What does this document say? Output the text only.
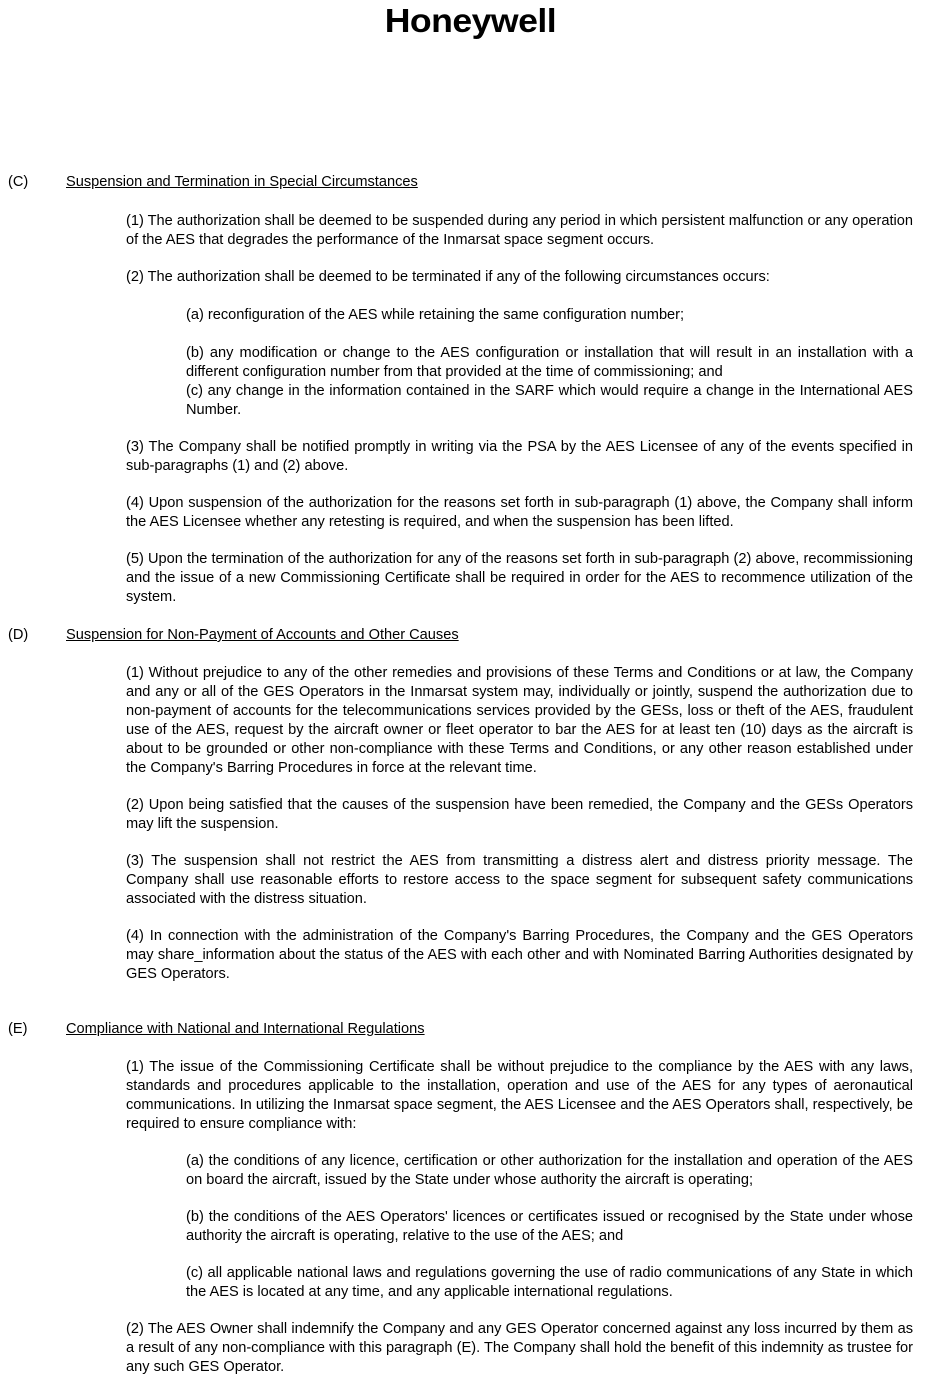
Honeywell
(C)	Suspension and Termination in Special Circumstances

(1) The authorization shall be deemed to be suspended during any period in which persistent malfunction or any operation of the AES that degrades the performance of the Inmarsat space segment occurs.

(2) The authorization shall be deemed to be terminated if any of the following circumstances occurs:

(a) reconfiguration of the AES while retaining the same configuration number;

(b) any modification or change to the AES configuration or installation that will result in an installation with a different configuration number from that provided at the time of commissioning; and

(c) any change in the information contained in the SARF which would require a change in the International AES Number.

(3) The Company shall be notified promptly in writing via the PSA by the AES Licensee of any of the events specified in sub-paragraphs (1) and (2) above.

(4) Upon suspension of the authorization for the reasons set forth in sub-paragraph (1) above, the Company shall inform the AES Licensee whether any retesting is required, and when the suspension has been lifted.

(5) Upon the termination of the authorization for any of the reasons set forth in sub-paragraph (2) above, recommissioning and the issue of a new Commissioning Certificate shall be required in order for the AES to recommence utilization of the system.

(D)	Suspension for Non-Payment of Accounts and Other Causes

(1) Without prejudice to any of the other remedies and provisions of these Terms and Conditions or at law, the Company and any or all of the GES Operators in the Inmarsat system may, individually or jointly, suspend the authorization due to non-payment of accounts for the telecommunications services provided by the GESs, loss or theft of the AES, fraudulent use of the AES, request by the aircraft owner or fleet operator to bar the AES for at least ten (10) days as the aircraft is about to be grounded or other non-compliance with these Terms and Conditions, or any other reason established under the Company's Barring Procedures in force at the relevant time.

(2) Upon being satisfied that the causes of the suspension have been remedied, the Company and the GESs Operators may lift the suspension.

(3) The suspension shall not restrict the AES from transmitting a distress alert and distress priority message. The Company shall use reasonable efforts to restore access to the space segment for subsequent safety communications associated with the distress situation.

(4) In connection with the administration of the Company's Barring Procedures, the Company and the GES Operators may share_information about the status of the AES with each other and with Nominated Barring Authorities designated by GES Operators.

(E)	Compliance with National and International Regulations

(1) The issue of the Commissioning Certificate shall be without prejudice to the compliance by the AES with any laws, standards and procedures applicable to the installation, operation and use of the AES for any types of aeronautical communications. In utilizing the Inmarsat space segment, the AES Licensee and the AES Operators shall, respectively, be required to ensure compliance with:

(a) the conditions of any licence, certification or other authorization for the installation and operation of the AES on board the aircraft, issued by the State under whose authority the aircraft is operating;

(b) the conditions of the AES Operators' licences or certificates issued or recognised by the State under whose authority the aircraft is operating, relative to the use of the AES; and

(c) all applicable national laws and regulations governing the use of radio communications of any State in which the AES is located at any time, and any applicable international regulations.

(2) The AES Owner shall indemnify the Company and any GES Operator concerned against any loss incurred by them as a result of any non-compliance with this paragraph (E). The Company shall hold the benefit of this indemnity as trustee for any such GES Operator.
